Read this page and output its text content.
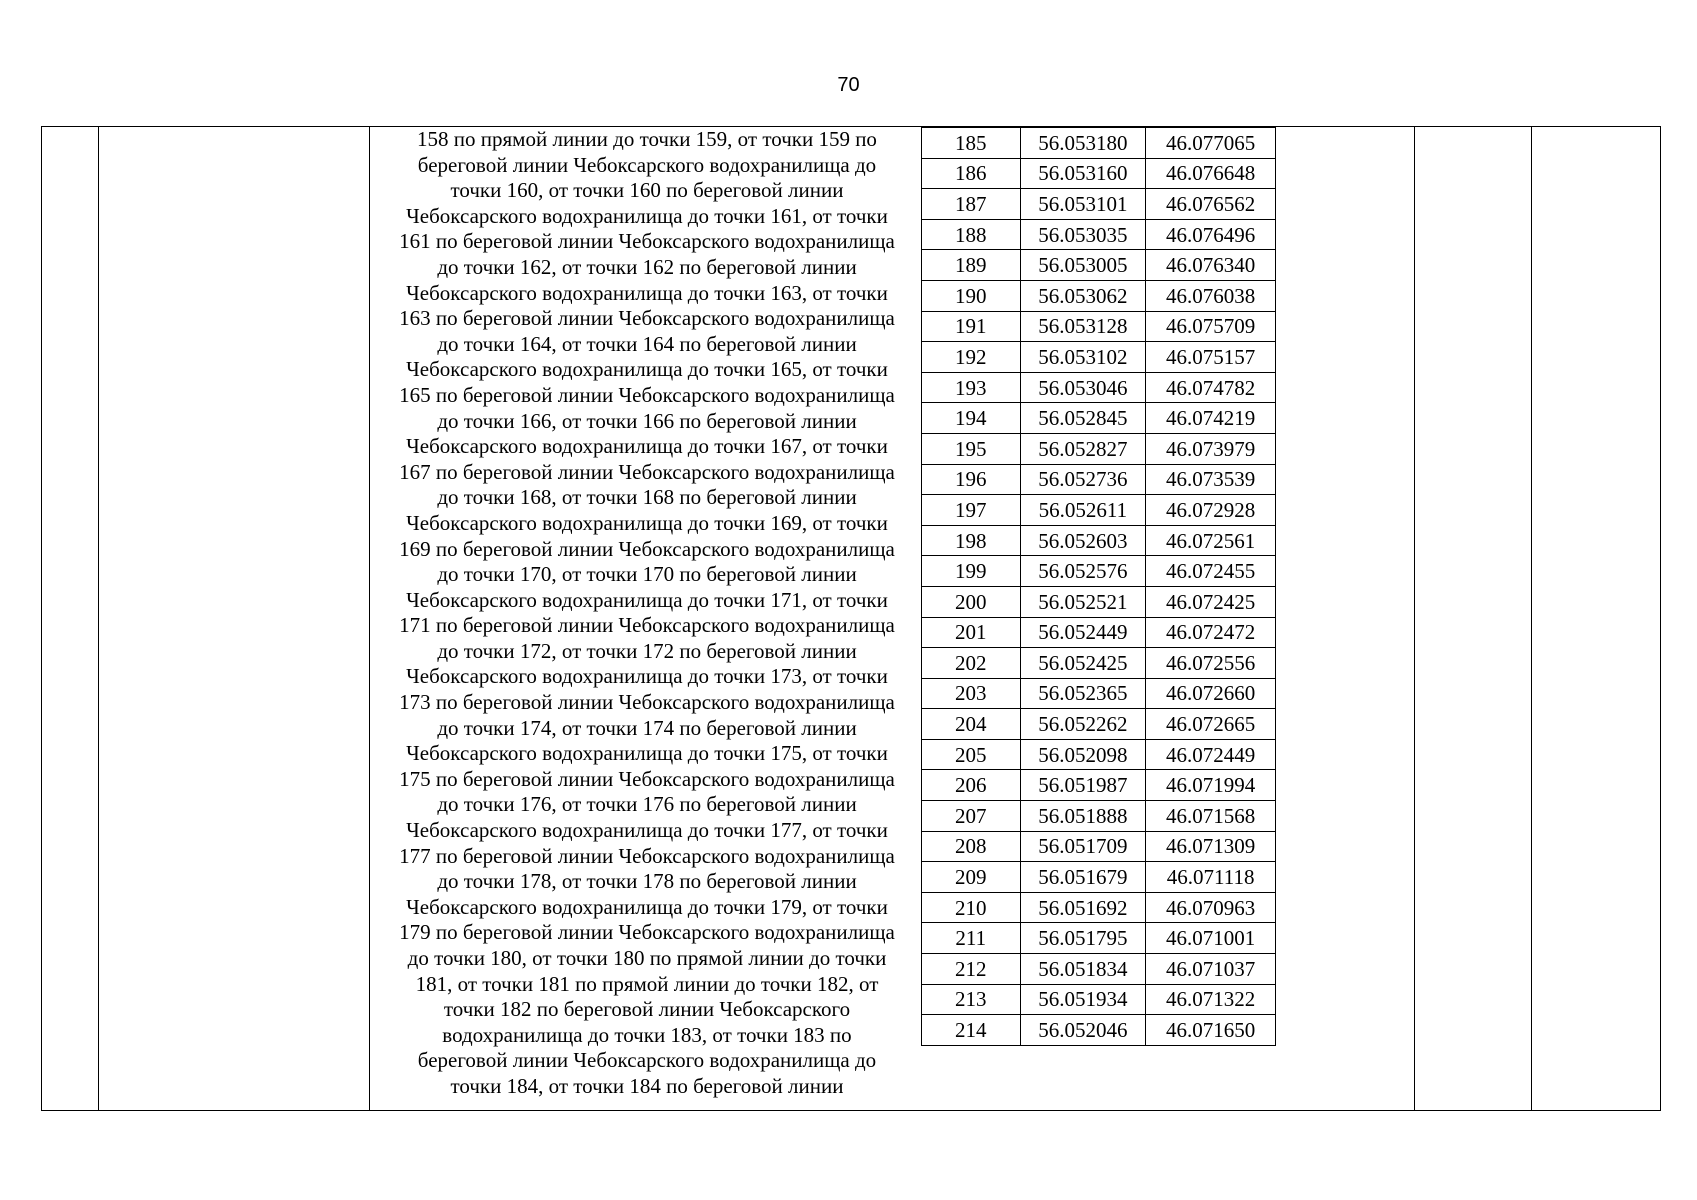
70
158 по прямой линии до точки 159, от точки 159 по
береговой линии Чебоксарского водохранилища до
точки 160, от точки 160 по береговой линии
Чебоксарского водохранилища до точки 161, от точки
161 по береговой линии Чебоксарского водохранилища
до точки 162, от точки 162 по береговой линии
Чебоксарского водохранилища до точки 163, от точки
163 по береговой линии Чебоксарского водохранилища
до точки 164, от точки 164 по береговой линии
Чебоксарского водохранилища до точки 165, от точки
165 по береговой линии Чебоксарского водохранилища
до точки 166, от точки 166 по береговой линии
Чебоксарского водохранилища до точки 167, от точки
167 по береговой линии Чебоксарского водохранилища
до точки 168, от точки 168 по береговой линии
Чебоксарского водохранилища до точки 169, от точки
169 по береговой линии Чебоксарского водохранилища
до точки 170, от точки 170 по береговой линии
Чебоксарского водохранилища до точки 171, от точки
171 по береговой линии Чебоксарского водохранилища
до точки 172, от точки 172 по береговой линии
Чебоксарского водохранилища до точки 173, от точки
173 по береговой линии Чебоксарского водохранилища
до точки 174, от точки 174 по береговой линии
Чебоксарского водохранилища до точки 175, от точки
175 по береговой линии Чебоксарского водохранилища
до точки 176, от точки 176 по береговой линии
Чебоксарского водохранилища до точки 177, от точки
177 по береговой линии Чебоксарского водохранилища
до точки 178, от точки 178 по береговой линии
Чебоксарского водохранилища до точки 179, от точки
179 по береговой линии Чебоксарского водохранилища
до точки 180, от точки 180 по прямой линии до точки
181, от точки 181 по прямой линии до точки 182, от
точки 182 по береговой линии Чебоксарского
водохранилища до точки 183, от точки 183 по
береговой линии Чебоксарского водохранилища до
точки 184, от точки 184 по береговой линии
185	56.053180	46.077065
186	56.053160	46.076648
187	56.053101	46.076562
188	56.053035	46.076496
189	56.053005	46.076340
190	56.053062	46.076038
191	56.053128	46.075709
192	56.053102	46.075157
193	56.053046	46.074782
194	56.052845	46.074219
195	56.052827	46.073979
196	56.052736	46.073539
197	56.052611	46.072928
198	56.052603	46.072561
199	56.052576	46.072455
200	56.052521	46.072425
201	56.052449	46.072472
202	56.052425	46.072556
203	56.052365	46.072660
204	56.052262	46.072665
205	56.052098	46.072449
206	56.051987	46.071994
207	56.051888	46.071568
208	56.051709	46.071309
209	56.051679	46.071118
210	56.051692	46.070963
211	56.051795	46.071001
212	56.051834	46.071037
213	56.051934	46.071322
214	56.052046	46.071650
